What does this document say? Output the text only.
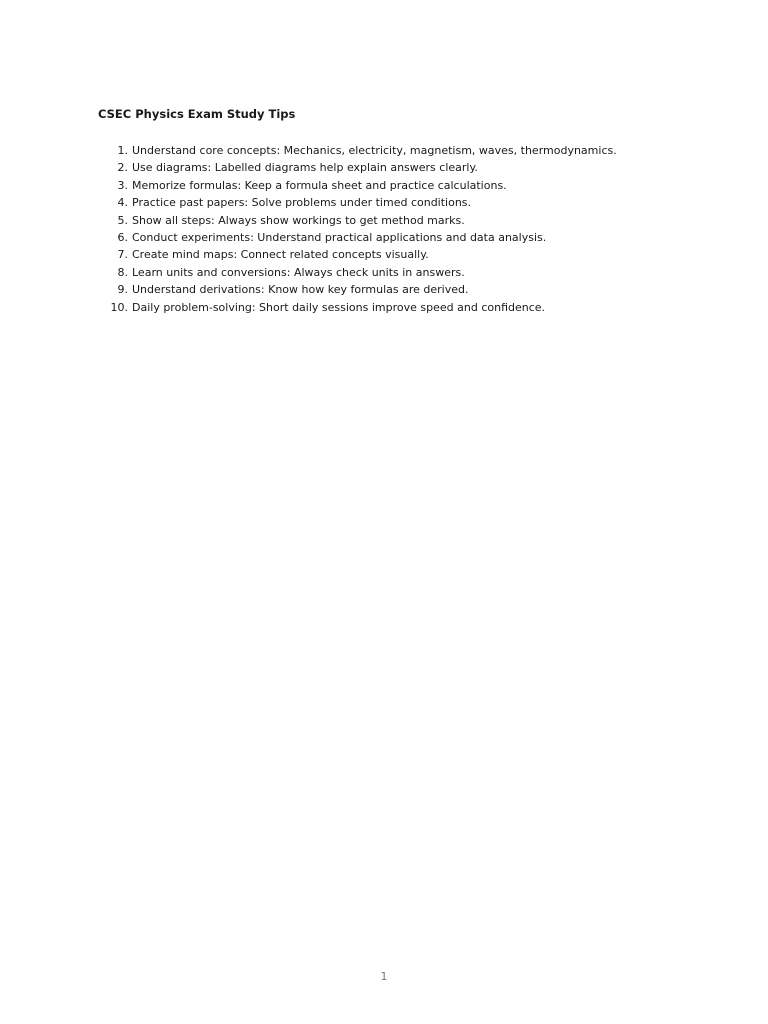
CSEC Physics Exam Study Tips
1. Understand core concepts: Mechanics, electricity, magnetism, waves, thermodynamics.
2. Use diagrams: Labelled diagrams help explain answers clearly.
3. Memorize formulas: Keep a formula sheet and practice calculations.
4. Practice past papers: Solve problems under timed conditions.
5. Show all steps: Always show workings to get method marks.
6. Conduct experiments: Understand practical applications and data analysis.
7. Create mind maps: Connect related concepts visually.
8. Learn units and conversions: Always check units in answers.
9. Understand derivations: Know how key formulas are derived.
10. Daily problem-solving: Short daily sessions improve speed and confidence.
1
